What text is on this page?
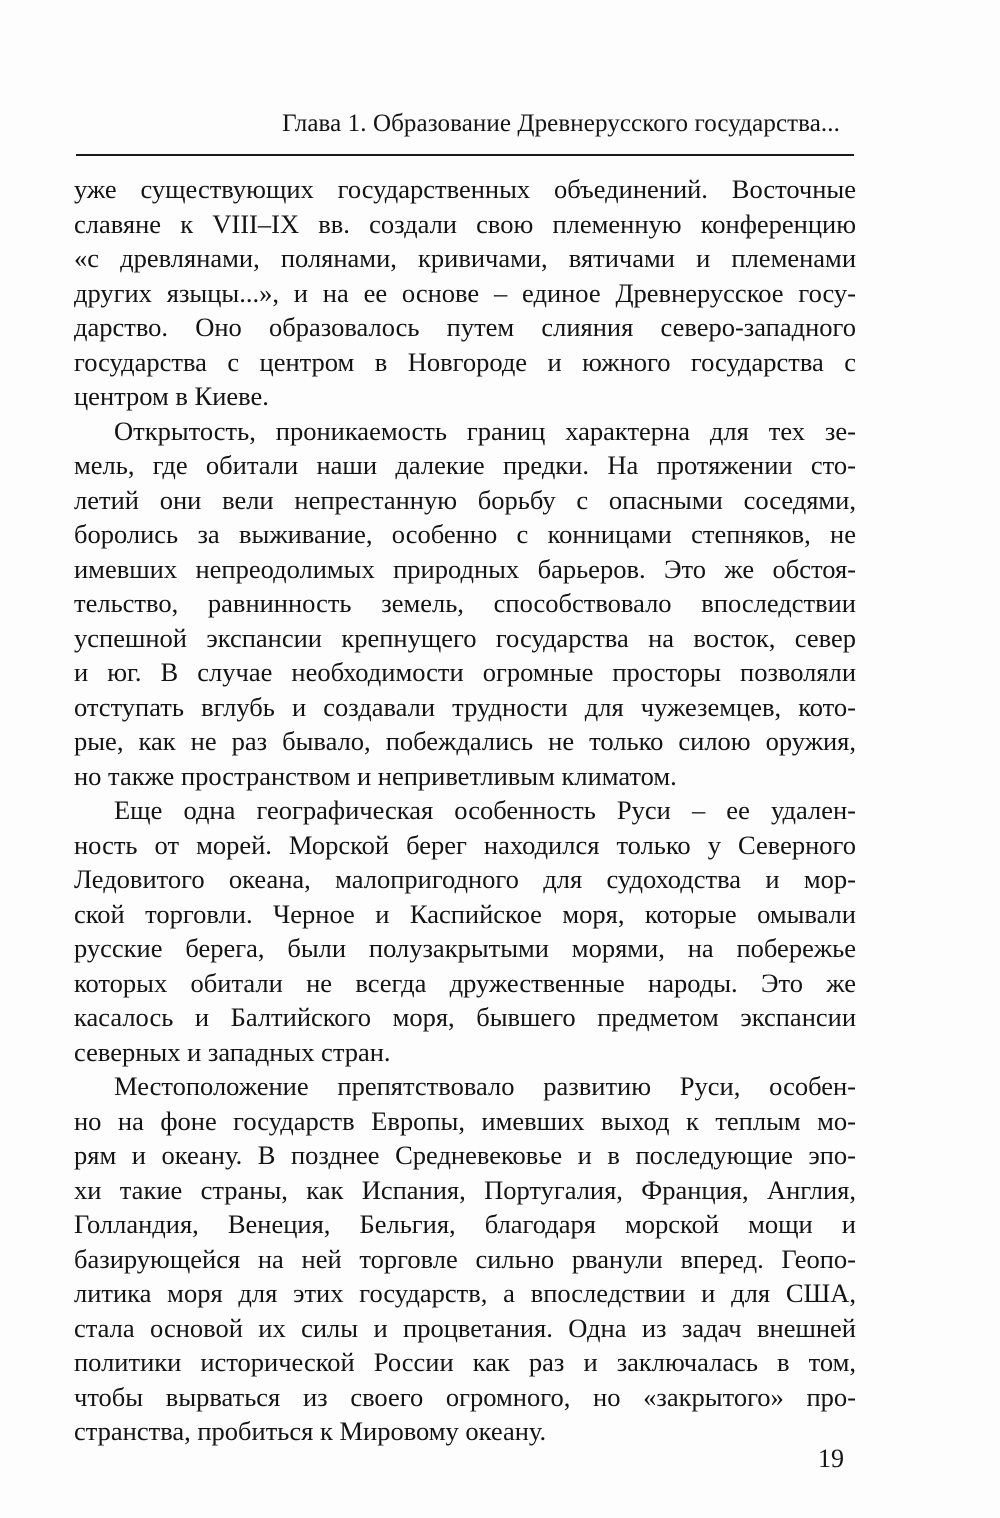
Глава 1. Образование Древнерусского государства...
уже существующих государственных объединений. Восточные
славяне к VIII–IX вв. создали свою племенную конференцию
«с древлянами, полянами, кривичами, вятичами и племенами
других языцы...», и на ее основе – единое Древнерусское госу-
дарство. Оно образовалось путем слияния северо-западного
государства с центром в Новгороде и южного государства с
центром в Киеве.
Открытость, проникаемость границ характерна для тех зе-
мель, где обитали наши далекие предки. На протяжении сто-
летий они вели непрестанную борьбу с опасными соседями,
боролись за выживание, особенно с конницами степняков, не
имевших непреодолимых природных барьеров. Это же обстоя-
тельство, равнинность земель, способствовало впоследствии
успешной экспансии крепнущего государства на восток, север
и юг. В случае необходимости огромные просторы позволяли
отступать вглубь и создавали трудности для чужеземцев, кото-
рые, как не раз бывало, побеждались не только силою оружия,
но также пространством и неприветливым климатом.
Еще одна географическая особенность Руси – ее удален-
ность от морей. Морской берег находился только у Северного
Ледовитого океана, малопригодного для судоходства и мор-
ской торговли. Черное и Каспийское моря, которые омывали
русские берега, были полузакрытыми морями, на побережье
которых обитали не всегда дружественные народы. Это же
касалось и Балтийского моря, бывшего предметом экспансии
северных и западных стран.
Местоположение препятствовало развитию Руси, особен-
но на фоне государств Европы, имевших выход к теплым мо-
рям и океану. В позднее Средневековье и в последующие эпо-
хи такие страны, как Испания, Португалия, Франция, Англия,
Голландия, Венеция, Бельгия, благодаря морской мощи и
базирующейся на ней торговле сильно рванули вперед. Геопо-
литика моря для этих государств, а впоследствии и для США,
стала основой их силы и процветания. Одна из задач внешней
политики исторической России как раз и заключалась в том,
чтобы вырваться из своего огромного, но «закрытого» про-
странства, пробиться к Мировому океану.
19
